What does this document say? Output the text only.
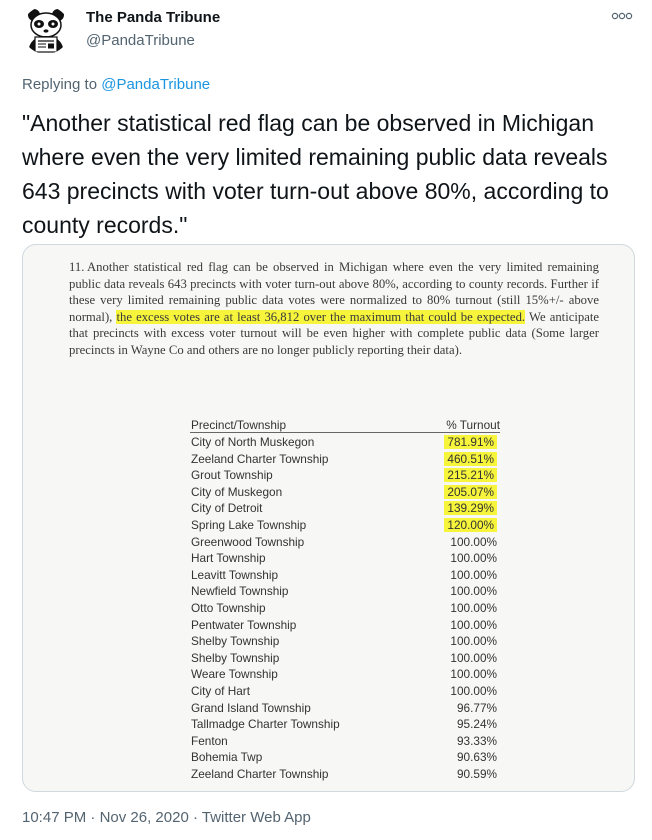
The Panda Tribune
@PandaTribune
Replying to @PandaTribune
"Another statistical red flag can be observed in Michigan where even the very limited remaining public data reveals 643 precincts with voter turn-out above 80%, according to county records."
11. Another statistical red flag can be observed in Michigan where even the very limited remaining public data reveals 643 precincts with voter turn-out above 80%, according to county records. Further if these very limited remaining public data votes were normalized to 80% turnout (still 15%+/- above normal), the excess votes are at least 36,812 over the maximum that could be expected. We anticipate that precincts with excess voter turnout will be even higher with complete public data (Some larger precincts in Wayne Co and others are no longer publicly reporting their data).
Precinct/Township	% Turnout
City of North Muskegon	781.91%
Zeeland Charter Township	460.51%
Grout Township	215.21%
City of Muskegon	205.07%
City of Detroit	139.29%
Spring Lake Township	120.00%
Greenwood Township	100.00%
Hart Township	100.00%
Leavitt Township	100.00%
Newfield Township	100.00%
Otto Township	100.00%
Pentwater Township	100.00%
Shelby Township	100.00%
Shelby Township	100.00%
Weare Township	100.00%
City of Hart	100.00%
Grand Island Township	96.77%
Tallmadge Charter Township	95.24%
Fenton	93.33%
Bohemia Twp	90.63%
Zeeland Charter Township	90.59%
10:47 PM · Nov 26, 2020 · Twitter Web App
